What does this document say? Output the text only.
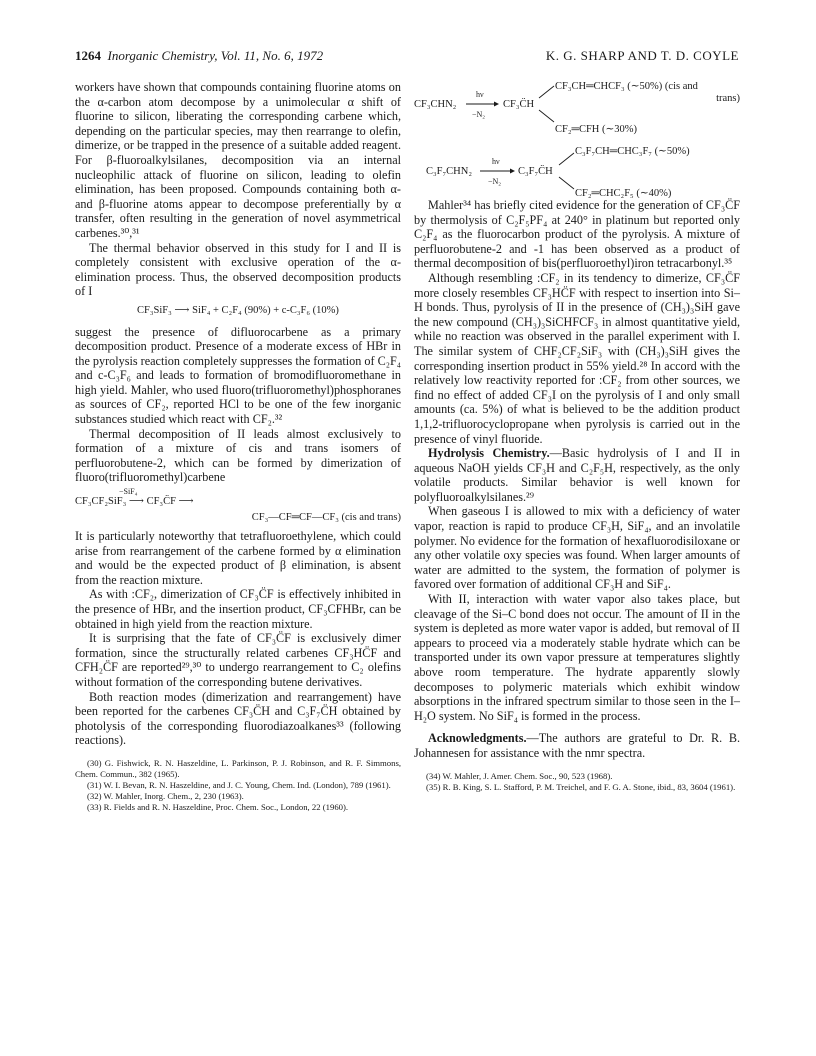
1264 Inorganic Chemistry, Vol. 11, No. 6, 1972	K. G. SHARP AND T. D. COYLE

workers have shown that compounds containing fluorine atoms on the α-carbon atom decompose by a unimolecular α shift of fluorine to silicon, liberating the corresponding carbene which, depending on the particular species, may then rearrange to olefin, dimerize, or be trapped in the presence of a suitable added reagent. For β-fluoroalkylsilanes, decomposition via an internal nucleophilic attack of fluorine on silicon, leading to olefin elimination, has been proposed. Compounds containing both α- and β-fluorine atoms appear to decompose preferentially by α transfer, often resulting in the generation of novel asymmetrical carbenes.³⁰,³¹

The thermal behavior observed in this study for I and II is completely consistent with exclusive operation of the α-elimination process. Thus, the observed decomposition products of I

CF₃SiF₃ ⟶ SiF₄ + C₂F₄ (90%) + c-C₃F₆ (10%)

suggest the presence of difluorocarbene as a primary decomposition product. Presence of a moderate excess of HBr in the pyrolysis reaction completely suppresses the formation of C₂F₄ and c-C₃F₆ and leads to formation of bromodifluoromethane in high yield. Mahler, who used fluoro(trifluoromethyl)phosphoranes as sources of CF₂, reported HCl to be one of the few inorganic substances studied which react with CF₂.³²

Thermal decomposition of II leads almost exclusively to formation of a mixture of cis and trans isomers of perfluorobutene-2, which can be formed by dimerization of fluoro(trifluoromethyl)carbene

−SiF₄
CF₃CF₂SiF₃ ⟶ CF₃C̈F ⟶
CF₃—CF═CF—CF₃ (cis and trans)

It is particularly noteworthy that tetrafluoroethylene, which could arise from rearrangement of the carbene formed by α elimination and would be the expected product of β elimination, is absent from the reaction mixture.

As with :CF₂, dimerization of CF₃C̈F is effectively inhibited in the presence of HBr, and the insertion product, CF₃CFHBr, can be obtained in high yield from the reaction mixture.

It is surprising that the fate of CF₃C̈F is exclusively dimer formation, since the structurally related carbenes CF₃HC̈F and CFH₂C̈F are reported²⁹,³⁰ to undergo rearrangement to C₂ olefins without formation of the corresponding butene derivatives.

Both reaction modes (dimerization and rearrangement) have been reported for the carbenes CF₃C̈H and C₃F₇C̈H obtained by photolysis of the corresponding fluorodiazoalkanes³³ (following reactions).

(30) G. Fishwick, R. N. Haszeldine, L. Parkinson, P. J. Robinson, and R. F. Simmons, Chem. Commun., 382 (1965).
(31) W. I. Bevan, R. N. Haszeldine, and J. C. Young, Chem. Ind. (London), 789 (1961).
(32) W. Mahler, Inorg. Chem., 2, 230 (1963).
(33) R. Fields and R. N. Haszeldine, Proc. Chem. Soc., London, 22 (1960).
CF₃CHN₂
hν
−N₂
CF₃C̈H
CF₃CH═CHCF₃ (∼50%) (cis and
trans)
CF₂═CFH (∼30%)
C₃F₇CHN₂
hν
−N₂
C₃F₇C̈H
C₃F₇CH═CHC₃F₇ (∼50%)
CF₂═CHC₂F₅ (∼40%)

Mahler³⁴ has briefly cited evidence for the generation of CF₃C̈F by thermolysis of C₂F₅PF₄ at 240° in platinum but reported only C₂F₄ as the fluorocarbon product of the pyrolysis. A mixture of perfluorobutene-2 and -1 has been observed as a product of thermal decomposition of bis(perfluoroethyl)iron tetracarbonyl.³⁵

Although resembling :CF₂ in its tendency to dimerize, CF₃C̈F more closely resembles CF₃HC̈F with respect to insertion into Si–H bonds. Thus, pyrolysis of II in the presence of (CH₃)₃SiH gave the new compound (CH₃)₃SiCHFCF₃ in almost quantitative yield, while no reaction was observed in the parallel experiment with I. The similar system of CHF₂CF₂SiF₃ with (CH₃)₃SiH gives the corresponding insertion product in 55% yield.²⁸ In accord with the relatively low reactivity reported for :CF₂ from other sources, we find no effect of added CF₃I on the pyrolysis of I and only small amounts (ca. 5%) of what is believed to be the addition product 1,1,2-trifluorocyclopropane when pyrolysis is carried out in the presence of vinyl fluoride.

Hydrolysis Chemistry.—Basic hydrolysis of I and II in aqueous NaOH yields CF₃H and C₂F₅H, respectively, as the only volatile products. Similar behavior is well known for polyfluoroalkylsilanes.²⁹

When gaseous I is allowed to mix with a deficiency of water vapor, reaction is rapid to produce CF₃H, SiF₄, and an involatile polymer. No evidence for the formation of hexafluorodisiloxane or any other volatile oxy species was found. When larger amounts of water are admitted to the system, the formation of polymer is favored over formation of additional CF₃H and SiF₄.

With II, interaction with water vapor also takes place, but cleavage of the Si–C bond does not occur. The amount of II in the system is depleted as more water vapor is added, but removal of II appears to proceed via a moderately stable hydrate which can be transported under its own vapor pressure at temperatures slightly above room temperature. The hydrate apparently slowly decomposes to polymeric materials which exhibit window absorptions in the infrared spectrum similar to those seen in the I–H₂O system. No SiF₄ is formed in the process.

Acknowledgments.—The authors are grateful to Dr. R. B. Johannesen for assistance with the nmr spectra.

(34) W. Mahler, J. Amer. Chem. Soc., 90, 523 (1968).
(35) R. B. King, S. L. Stafford, P. M. Treichel, and F. G. A. Stone, ibid., 83, 3604 (1961).
